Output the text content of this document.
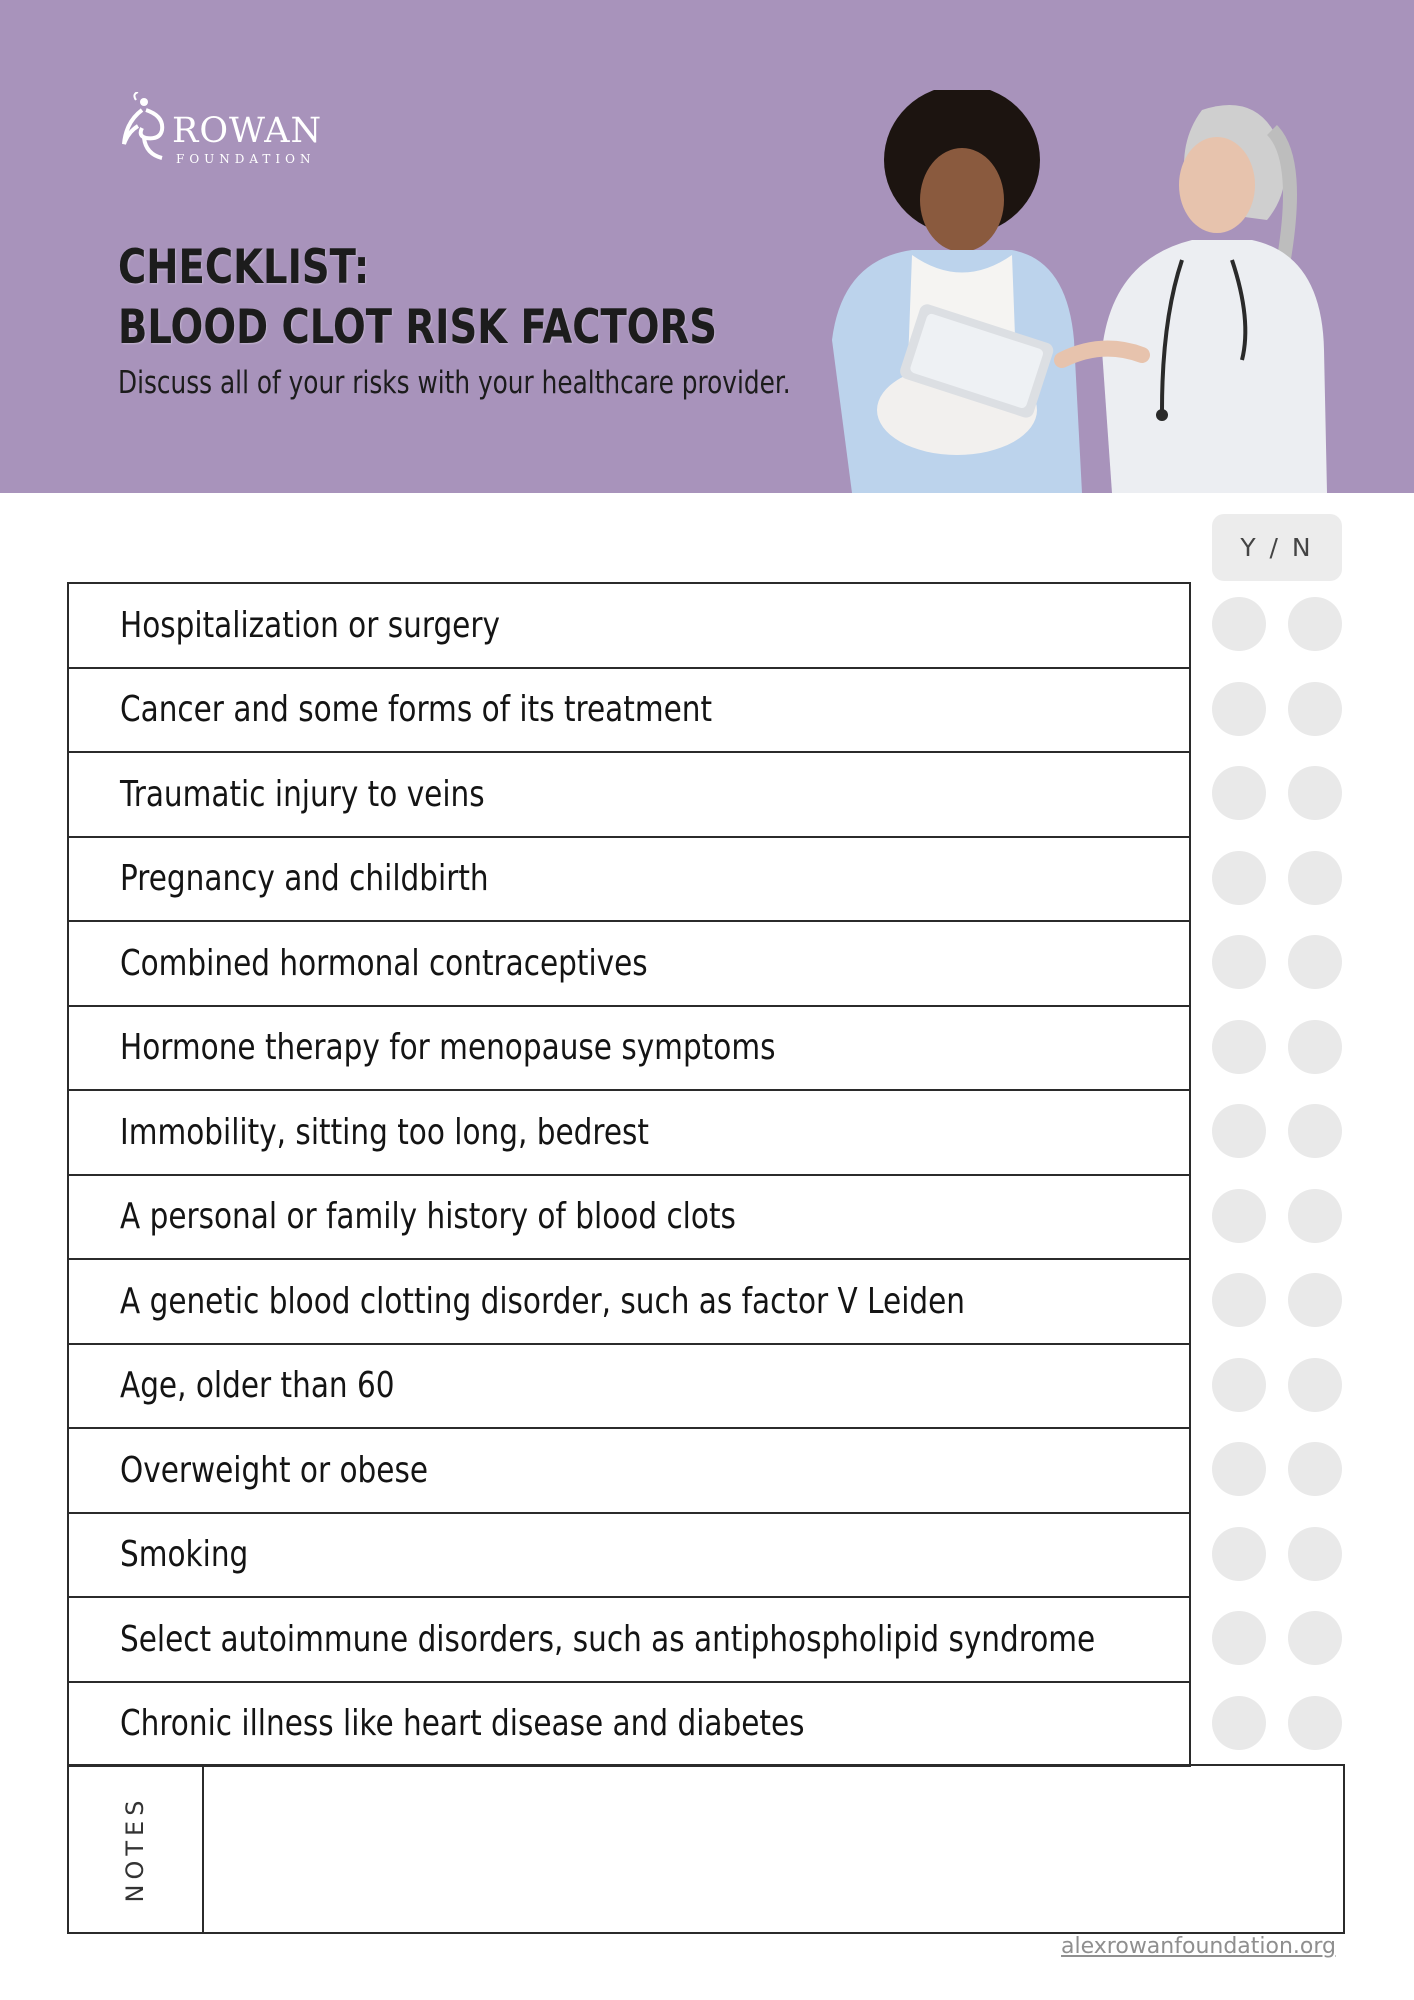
ROWAN
FOUNDATION
CHECKLIST:
BLOOD CLOT RISK FACTORS
Discuss all of your risks with your healthcare provider.
Y / N
Hospitalization or surgery
Cancer and some forms of its treatment
Traumatic injury to veins
Pregnancy and childbirth
Combined hormonal contraceptives
Hormone therapy for menopause symptoms
Immobility, sitting too long, bedrest
A personal or family history of blood clots
A genetic blood clotting disorder, such as factor V Leiden
Age, older than 60
Overweight or obese
Smoking
Select autoimmune disorders, such as antiphospholipid syndrome
Chronic illness like heart disease and diabetes
NOTES
alexrowanfoundation.org
